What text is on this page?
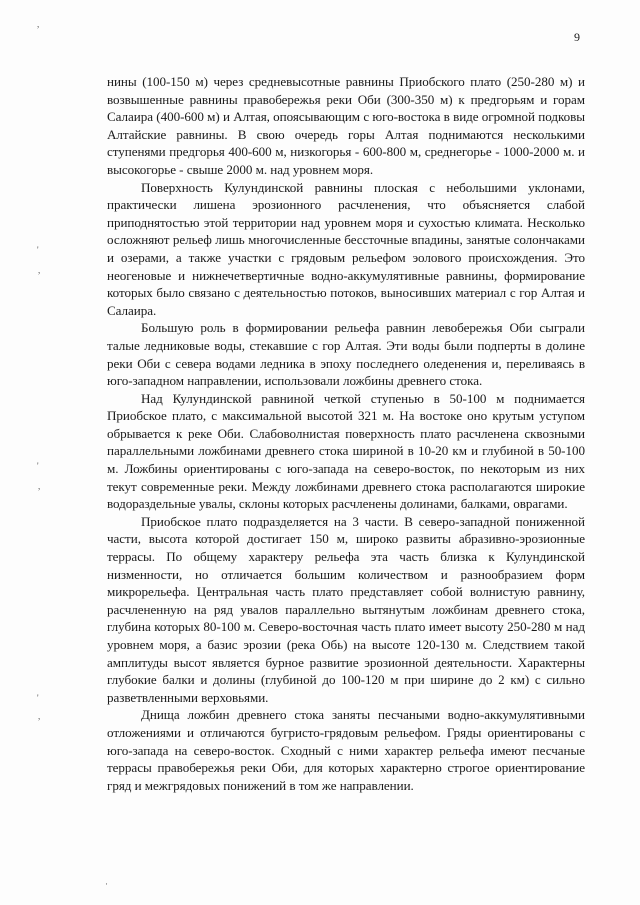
9

нины (100-150 м) через средневысотные равнины Приобского плато (250-280 м) и возвышенные равнины правобережья реки Оби (300-350 м) к предгорьям и горам Салаира (400-600 м) и Алтая, опоясывающим с юго-востока в виде огромной подковы Алтайские равнины. В свою очередь горы Алтая поднимаются несколькими ступенями предгорья 400-600 м, низкогорья - 600-800 м, среднегорье - 1000-2000 м. и высокогорье - свыше 2000 м. над уровнем моря.

Поверхность Кулундинской равнины плоская с небольшими уклонами, практически лишена эрозионного расчленения, что объясняется слабой приподнятостью этой территории над уровнем моря и сухостью климата. Несколько осложняют рельеф лишь многочисленные бессточные впадины, занятые солончаками и озерами, а также участки с грядовым рельефом эолового происхождения. Это неогеновые и нижнечетвертичные водно-аккумулятивные равнины, формирование которых было связано с деятельностью потоков, выносивших материал с гор Алтая и Салаира.

Большую роль в формировании рельефа равнин левобережья Оби сыграли талые ледниковые воды, стекавшие с гор Алтая. Эти воды были подперты в долине реки Оби с севера водами ледника в эпоху последнего оледенения и, переливаясь в юго-западном направлении, использовали ложбины древнего стока.

Над Кулундинской равниной четкой ступенью в 50-100 м поднимается Приобское плато, с максимальной высотой 321 м. На востоке оно крутым уступом обрывается к реке Оби. Слабоволнистая поверхность плато расчленена сквозными параллельными ложбинами древнего стока шириной в 10-20 км и глубиной в 50-100 м. Ложбины ориентированы с юго-запада на северо-восток, по некоторым из них текут современные реки. Между ложбинами древнего стока располагаются широкие водораздельные увалы, склоны которых расчленены долинами, балками, оврагами.

Приобское плато подразделяется на 3 части. В северо-западной пониженной части, высота которой достигает 150 м, широко развиты абразивно-эрозионные террасы. По общему характеру рельефа эта часть близка к Кулундинской низменности, но отличается большим количеством и разнообразием форм микрорельефа. Центральная часть плато представляет собой волнистую равнину, расчлененную на ряд увалов параллельно вытянутым ложбинам древнего стока, глубина которых 80-100 м. Северо-восточная часть плато имеет высоту 250-280 м над уровнем моря, а базис эрозии (река Обь) на высоте 120-130 м. Следствием такой амплитуды высот является бурное развитие эрозионной деятельности. Характерны глубокие балки и долины (глубиной до 100-120 м при ширине до 2 км) с сильно разветвленными верховьями.

Днища ложбин древнего стока заняты песчаными водно-аккумулятивными отложениями и отличаются бугристо-грядовым рельефом. Гряды ориентированы с юго-запада на северо-восток. Сходный с ними характер рельефа имеют песчаные террасы правобережья реки Оби, для которых характерно строгое ориентирование гряд и межгрядовых понижений в том же направлении.

,
'
,
'
,
'
,
·
